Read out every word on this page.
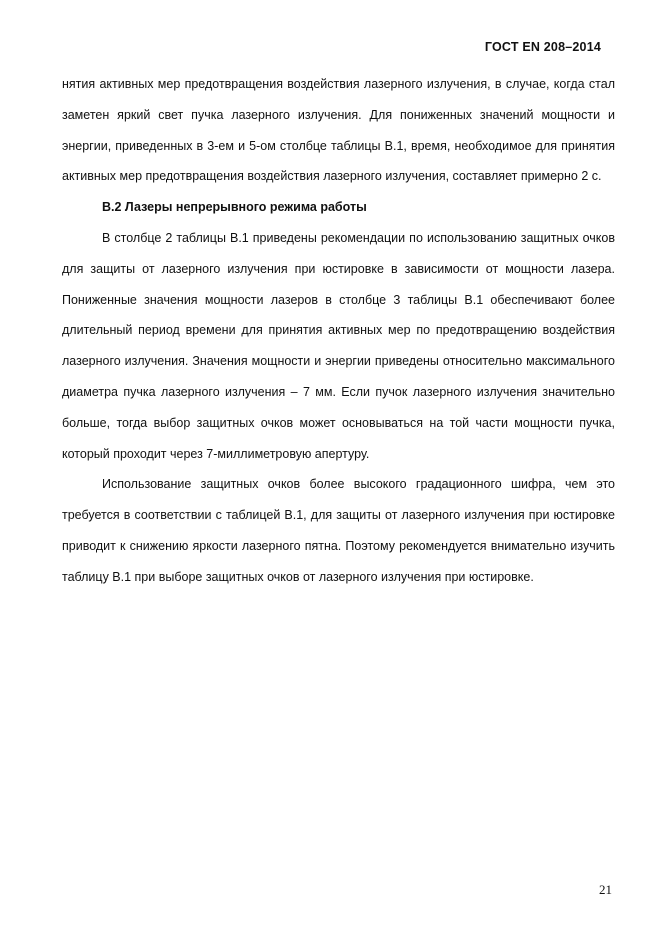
ГОСТ EN 208–2014

нятия активных мер предотвращения воздействия лазерного излучения, в случае, когда стал заметен яркий свет пучка лазерного излучения. Для пониженных значений мощности и энергии, приведенных в 3-ем и 5-ом столбце таблицы В.1, время, необходимое для принятия активных мер предотвращения воздействия лазерного излучения, составляет примерно 2 с.

В.2 Лазеры непрерывного режима работы

В столбце 2 таблицы В.1 приведены рекомендации по использованию защитных очков для защиты от лазерного излучения при юстировке в зависимости от мощности лазера. Пониженные значения мощности лазеров в столбце 3 таблицы В.1 обеспечивают более длительный период времени для принятия активных мер по предотвращению воздействия лазерного излучения. Значения мощности и энергии приведены относительно максимального диаметра пучка лазерного излучения – 7 мм. Если пучок лазерного излучения значительно больше, тогда выбор защитных очков может основываться на той части мощности пучка, который проходит через 7-миллиметровую апертуру.

Использование защитных очков более высокого градационного шифра, чем это требуется в соответствии с таблицей В.1, для защиты от лазерного излучения при юстировке приводит к снижению яркости лазерного пятна. Поэтому рекомендуется внимательно изучить таблицу В.1 при выборе защитных очков от лазерного излучения при юстировке.

21
